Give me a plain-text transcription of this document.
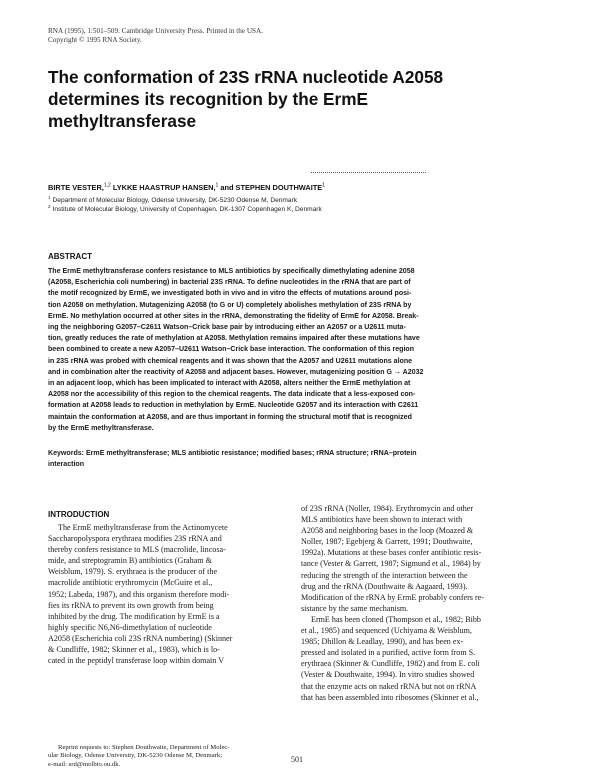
RNA (1995), 1:501–509. Cambridge University Press. Printed in the USA.
Copyright © 1995 RNA Society.
The conformation of 23S rRNA nucleotide A2058
determines its recognition by the ErmE
methyltransferase
BIRTE VESTER,$^{1,2}$ LYKKE HAASTRUP HANSEN,$^1$ and STEPHEN DOUTHWAITE$^1$
$^1$ Department of Molecular Biology, Odense University, DK-5230 Odense M, Denmark
$^2$ Institute of Molecular Biology, University of Copenhagen, DK-1307 Copenhagen K, Denmark
ABSTRACT
The ErmE methyltransferase confers resistance to MLS antibiotics by specifically dimethylating adenine 2058
(A2058, Escherichia coli numbering) in bacterial 23S rRNA. To define nucleotides in the rRNA that are part of
the motif recognized by ErmE, we investigated both in vivo and in vitro the effects of mutations around posi-
tion A2058 on methylation. Mutagenizing A2058 (to G or U) completely abolishes methylation of 23S rRNA by
ErmE. No methylation occurred at other sites in the rRNA, demonstrating the fidelity of ErmE for A2058. Break-
ing the neighboring G2057–C2611 Watson–Crick base pair by introducing either an A2057 or a U2611 muta-
tion, greatly reduces the rate of methylation at A2058. Methylation remains impaired after these mutations have
been combined to create a new A2057–U2611 Watson–Crick base interaction. The conformation of this region
in 23S rRNA was probed with chemical reagents and it was shown that the A2057 and U2611 mutations alone
and in combination alter the reactivity of A2058 and adjacent bases. However, mutagenizing position G → A2032
in an adjacent loop, which has been implicated to interact with A2058, alters neither the ErmE methylation at
A2058 nor the accessibility of this region to the chemical reagents. The data indicate that a less-exposed con-
formation at A2058 leads to reduction in methylation by ErmE. Nucleotide G2057 and its interaction with C2611
maintain the conformation at A2058, and are thus important in forming the structural motif that is recognized
by the ErmE methyltransferase.
Keywords: ErmE methyltransferase; MLS antibiotic resistance; modified bases; rRNA structure; rRNA–protein
interaction
INTRODUCTION
The ErmE methyltransferase from the Actinomycete
Saccharopolyspora erythraea modifies 23S rRNA and
thereby confers resistance to MLS (macrolide, lincosa-
mide, and streptogramin B) antibiotics (Graham &
Weisblum, 1979). S. erythraea is the producer of the
macrolide antibiotic erythromycin (McGuire et al.,
1952; Labeda, 1987), and this organism therefore modi-
fies its rRNA to prevent its own growth from being
inhibited by the drug. The modification by ErmE is a
highly specific N6,N6-dimethylation of nucleotide
A2058 (Escherichia coli 23S rRNA numbering) (Skinner
& Cundliffe, 1982; Skinner et al., 1983), which is lo-
cated in the peptidyl transferase loop within domain V
of 23S rRNA (Noller, 1984). Erythromycin and other
MLS antibiotics have been shown to interact with
A2058 and neighboring bases in the loop (Moazed &
Noller, 1987; Egebjerg & Garrett, 1991; Douthwaite,
1992a). Mutations at these bases confer antibiotic resis-
tance (Vester & Garrett, 1987; Sigmund et al., 1984) by
reducing the strength of the interaction between the
drug and the rRNA (Douthwaite & Aagaard, 1993).
Modification of the rRNA by ErmE probably confers re-
sistance by the same mechanism.
ErmE has been cloned (Thompson et al., 1982; Bibb
et al., 1985) and sequenced (Uchiyama & Weisblum,
1985; Dhillon & Leadlay, 1990), and has been ex-
pressed and isolated in a purified, active form from S.
erythraea (Skinner & Cundliffe, 1982) and from E. coli
(Vester & Douthwaite, 1994). In vitro studies showed
that the enzyme acts on naked rRNA but not on rRNA
that has been assembled into ribosomes (Skinner et al.,
Reprint requests to: Stephen Douthwaite, Department of Molec-
ular Biology, Odense University, DK-5230 Odense M, Denmark;
e-mail: srd@molbio.ou.dk.
501
